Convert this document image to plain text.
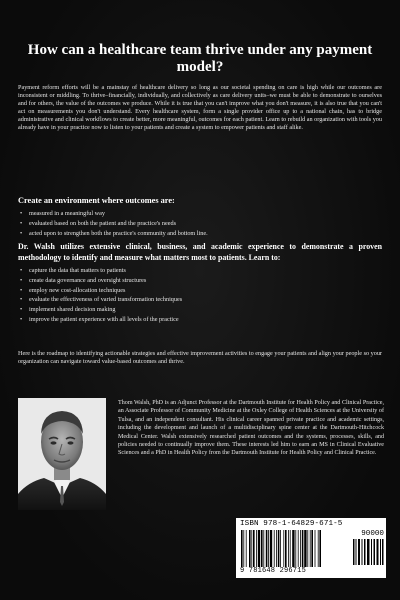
How can a healthcare team thrive under any payment model?

Payment reform efforts will be a mainstay of healthcare delivery so long as our societal spending on care is high while our outcomes are inconsistent or middling. To thrive–financially, individually, and collectively as care delivery units–we must be able to demonstrate to ourselves and for others, the value of the outcomes we produce. While it is true that you can't improve what you don't measure, it is also true that you can't act on measurements you don't understand. Every healthcare system, form a single provider office up to a national chain, has to bridge administrative and clinical workflows to create better, more meaningful, outcomes for each patient. Learn to rebuild an organization with tools you already have in your practice now to listen to your patients and create a system to empower patients and staff alike.

Create an environment where outcomes are:

• measured in a meaningful way
• evaluated based on both the patient and the practice's needs
• acted upon to strengthen both the practice's community and bottom line.

Dr. Walsh utilizes extensive clinical, business, and academic experience to demonstrate a proven methodology to identify and measure what matters most to patients. Learn to:

• capture the data that matters to patients
• create data governance and oversight structures
• employ new cost-allocation techniques
• evaluate the effectiveness of varied transformation techniques
• implement shared decision making
• improve the patient experience with all levels of the practice

Here is the roadmap to identifying actionable strategies and effective improvement activities to engage your patients and align your people so your organization can navigate toward value-based outcomes and thrive.

Thom Walsh, PhD is an Adjunct Professor at the Dartmouth Institute for Health Policy and Clinical Practice, an Associate Professor of Community Medicine at the Oxley College of Health Sciences at the University of Tulsa, and an independent consultant. His clinical career spanned private practice and academic settings, including the development and launch of a multidisciplinary spine center at the Dartmouth-Hitchcock Medical Center. Walsh extensively researched patient outcomes and the systems, processes, skills, and policies needed to continually improve them. These interests led him to earn an MS in Clinical Evaluative Sciences and a PhD in Health Policy from the Dartmouth Institute for Health Policy and Clinical Practice.

ISBN 978-1-64829-671-5
90000
9 781648 296715
